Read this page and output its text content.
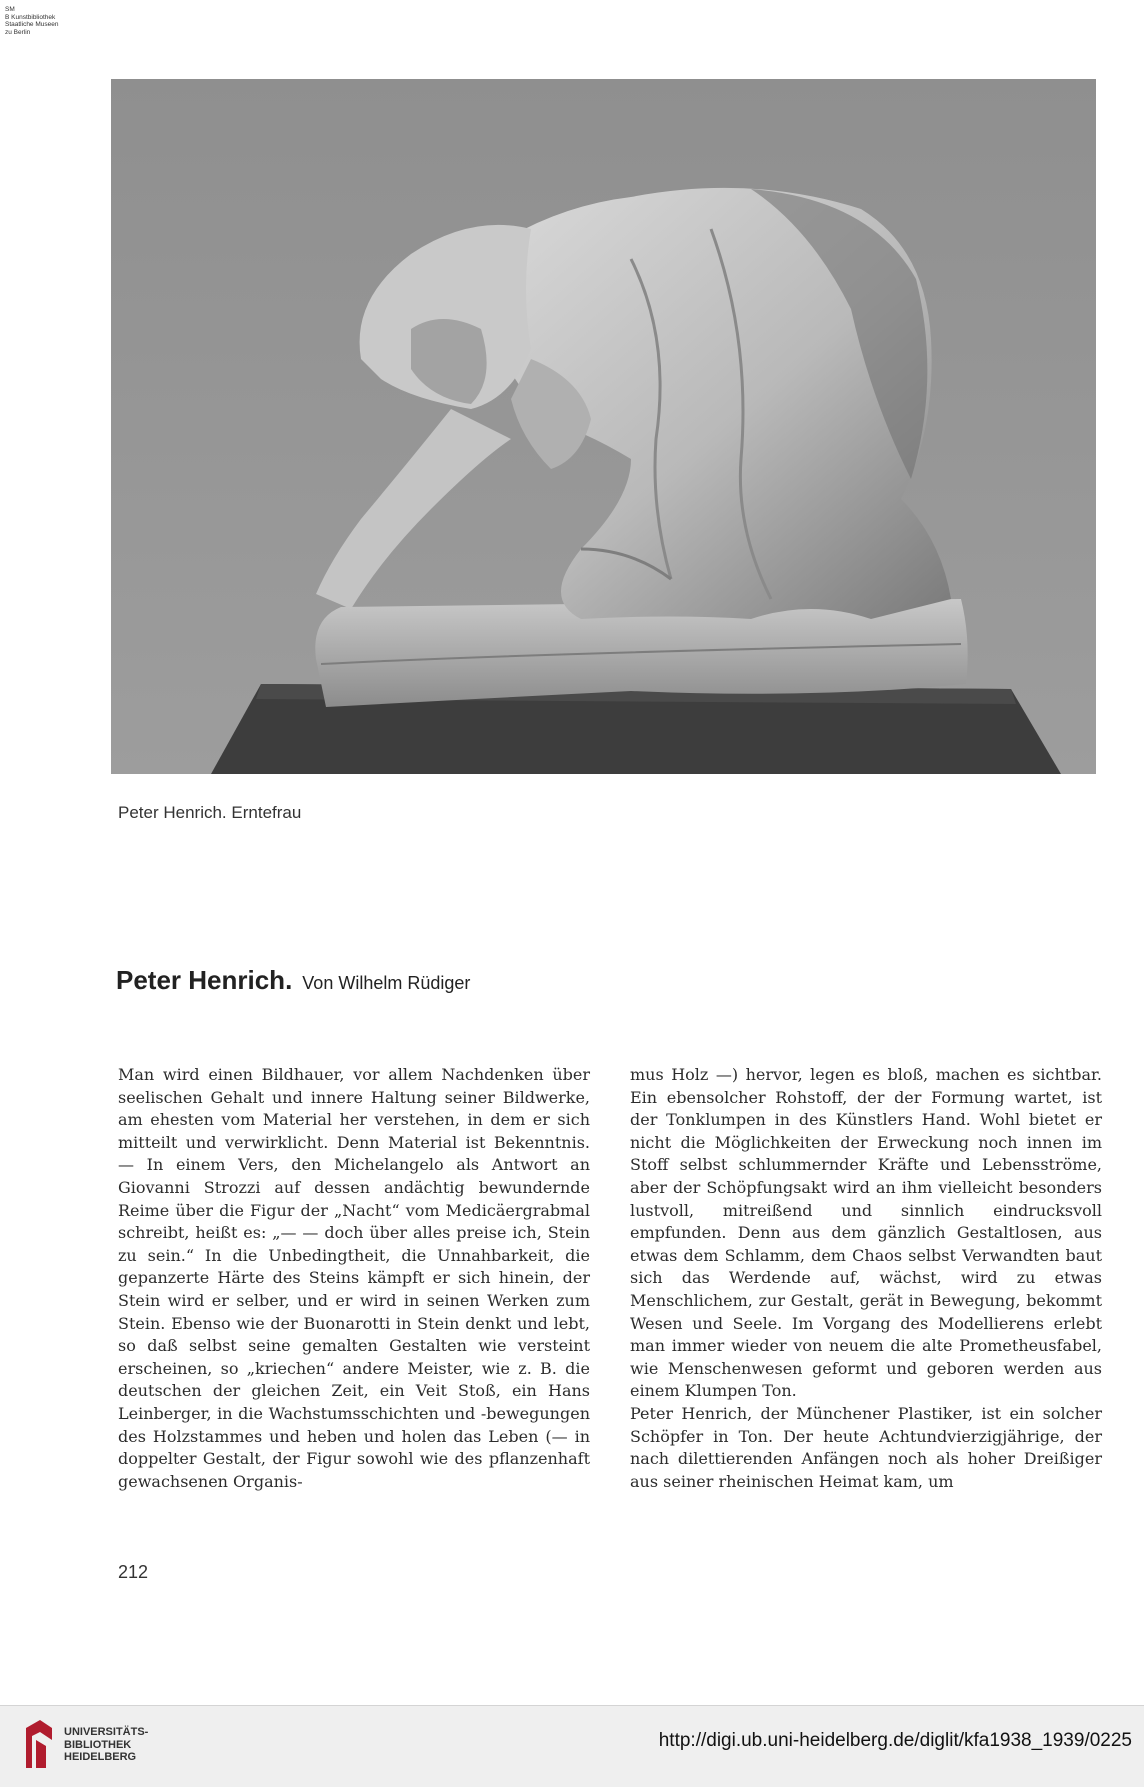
SM
B Kunstbibliothek
Staatliche Museen
zu Berlin
Peter Henrich. Erntefrau
Peter Henrich. Von Wilhelm Rüdiger

Man wird einen Bildhauer, vor allem Nachdenken über seelischen Gehalt und innere Haltung seiner Bildwerke, am ehesten vom Material her verstehen, in dem er sich mitteilt und verwirklicht. Denn Material ist Bekenntnis. — In einem Vers, den Michelangelo als Antwort an Giovanni Strozzi auf dessen andächtig bewundernde Reime über die Figur der „Nacht“ vom Medicäergrabmal schreibt, heißt es: „— — doch über alles preise ich, Stein zu sein.“ In die Unbedingtheit, die Unnahbarkeit, die gepanzerte Härte des Steins kämpft er sich hinein, der Stein wird er selber, und er wird in seinen Werken zum Stein. Ebenso wie der Buonarotti in Stein denkt und lebt, so daß selbst seine gemalten Gestalten wie versteint erscheinen, so „kriechen“ andere Meister, wie z. B. die deutschen der gleichen Zeit, ein Veit Stoß, ein Hans Leinberger, in die Wachstumsschichten und -bewegungen des Holzstammes und heben und holen das Leben (— in doppelter Gestalt, der Figur sowohl wie des pflanzenhaft gewachsenen Organis-

mus Holz —) hervor, legen es bloß, machen es sichtbar. Ein ebensolcher Rohstoff, der der Formung wartet, ist der Tonklumpen in des Künstlers Hand. Wohl bietet er nicht die Möglichkeiten der Erweckung noch innen im Stoff selbst schlummernder Kräfte und Lebensströme, aber der Schöpfungsakt wird an ihm vielleicht besonders lustvoll, mitreißend und sinnlich eindrucksvoll empfunden. Denn aus dem gänzlich Gestaltlosen, aus etwas dem Schlamm, dem Chaos selbst Verwandten baut sich das Werdende auf, wächst, wird zu etwas Menschlichem, zur Gestalt, gerät in Bewegung, bekommt Wesen und Seele. Im Vorgang des Modellierens erlebt man immer wieder von neuem die alte Prometheusfabel, wie Menschenwesen geformt und geboren werden aus einem Klumpen Ton.

Peter Henrich, der Münchener Plastiker, ist ein solcher Schöpfer in Ton. Der heute Achtundvierzigjährige, der nach dilettierenden Anfängen noch als hoher Dreißiger aus seiner rheinischen Heimat kam, um

212
UNIVERSITÄTS-
BIBLIOTHEK
HEIDELBERG
http://digi.ub.uni-heidelberg.de/diglit/kfa1938_1939/0225
